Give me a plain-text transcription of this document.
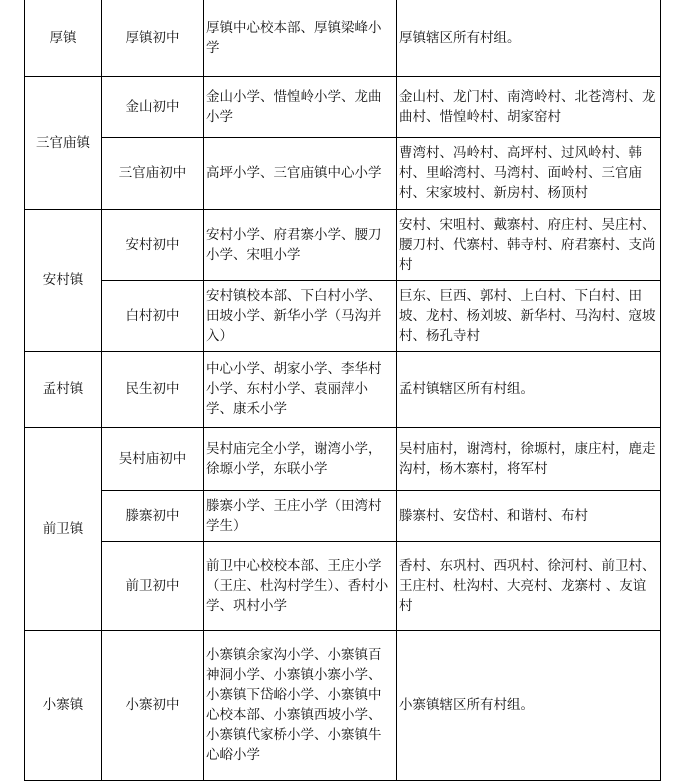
厚镇	厚镇初中	厚镇中心校本部、厚镇梁峰小学	厚镇辖区所有村组。
三官庙镇	金山初中	金山小学、惜惶岭小学、龙曲小学	金山村、龙门村、南湾岭村、北苍湾村、龙曲村、惜惶岭村、胡家窑村
	三官庙初中	高坪小学、三官庙镇中心小学	曹湾村、冯岭村、高坪村、过风岭村、韩村、里峪湾村、马湾村、面岭村、三官庙村、宋家坡村、新房村、杨顶村
安村镇	安村初中	安村小学、府君寨小学、腰刀小学、宋咀小学	安村、宋咀村、戴寨村、府庄村、吴庄村、腰刀村、代寨村、韩寺村、府君寨村、支尚村
	白村初中	安村镇校本部、下白村小学、田坡小学、新华小学（马沟并入）	巨东、巨西、郭村、上白村、下白村、田坡、龙村、杨刘坡、新华村、马沟村、寇坡村、杨孔寺村
孟村镇	民生初中	中心小学、胡家小学、李华村小学、东村小学、袁丽萍小学、康禾小学	孟村镇辖区所有村组。
前卫镇	吴村庙初中	吴村庙完全小学，谢湾小学，徐塬小学，东联小学	吴村庙村，谢湾村，徐塬村，康庄村，鹿走沟村，杨木寨村，将军村
	滕寨初中	滕寨小学、王庄小学（田湾村学生）	滕寨村、安岱村、和谐村、布村
	前卫初中	前卫中心校校本部、王庄小学（王庄、杜沟村学生）、香村小学、巩村小学	香村、东巩村、西巩村、徐河村、前卫村、王庄村、杜沟村、大亮村、龙寨村 、友谊村
小寨镇	小寨初中	小寨镇余家沟小学、小寨镇百神洞小学、小寨镇小寨小学、小寨镇下岱峪小学、小寨镇中心校本部、小寨镇西坡小学、小寨镇代家桥小学、小寨镇牛心峪小学	小寨镇辖区所有村组。
